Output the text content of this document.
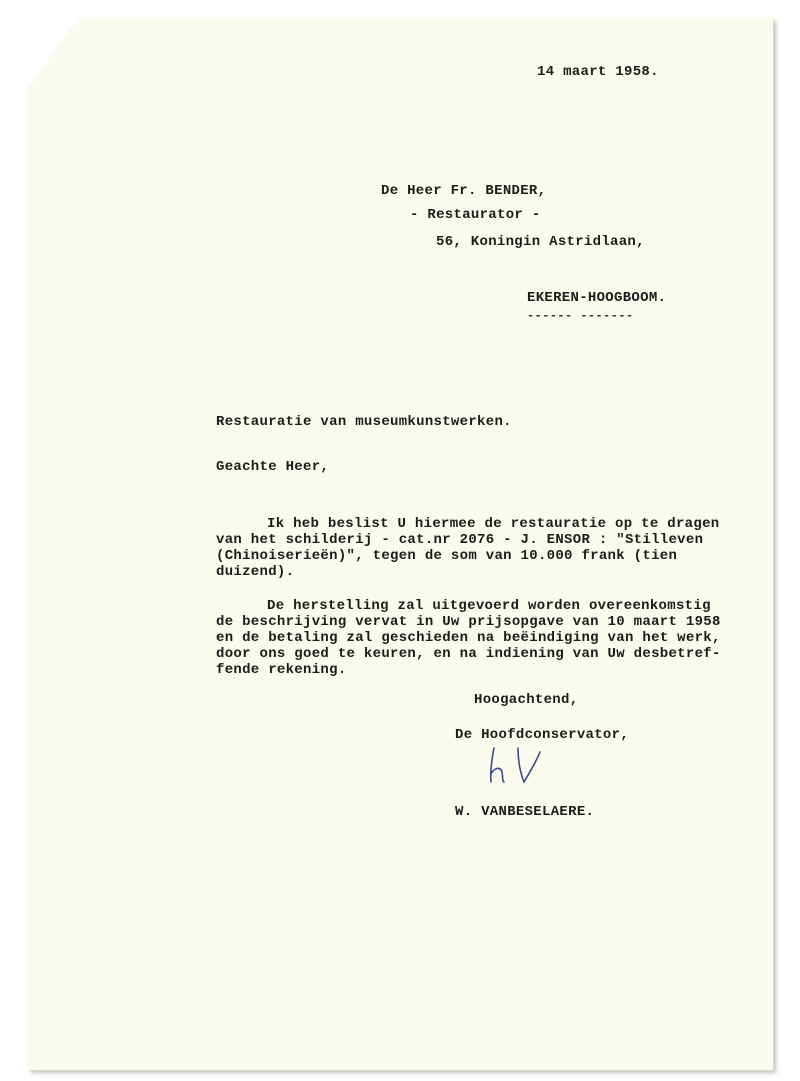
14 maart 1958.
De Heer Fr. BENDER,
- Restaurator -
56, Koningin Astridlaan,
EKEREN-HOOGBOOM.
------ -------
Restauratie van museumkunstwerken.
Geachte Heer,
Ik heb beslist U hiermee de restauratie op te dragen
van het schilderij - cat.nr 2076 - J. ENSOR : "Stilleven
(Chinoiserieën)", tegen de som van 10.000 frank (tien
duizend).
De herstelling zal uitgevoerd worden overeenkomstig
de beschrijving vervat in Uw prijsopgave van 10 maart 1958
en de betaling zal geschieden na beëindiging van het werk,
door ons goed te keuren, en na indiening van Uw desbetref-
fende rekening.
Hoogachtend,
De Hoofdconservator,
W. VANBESELAERE.
